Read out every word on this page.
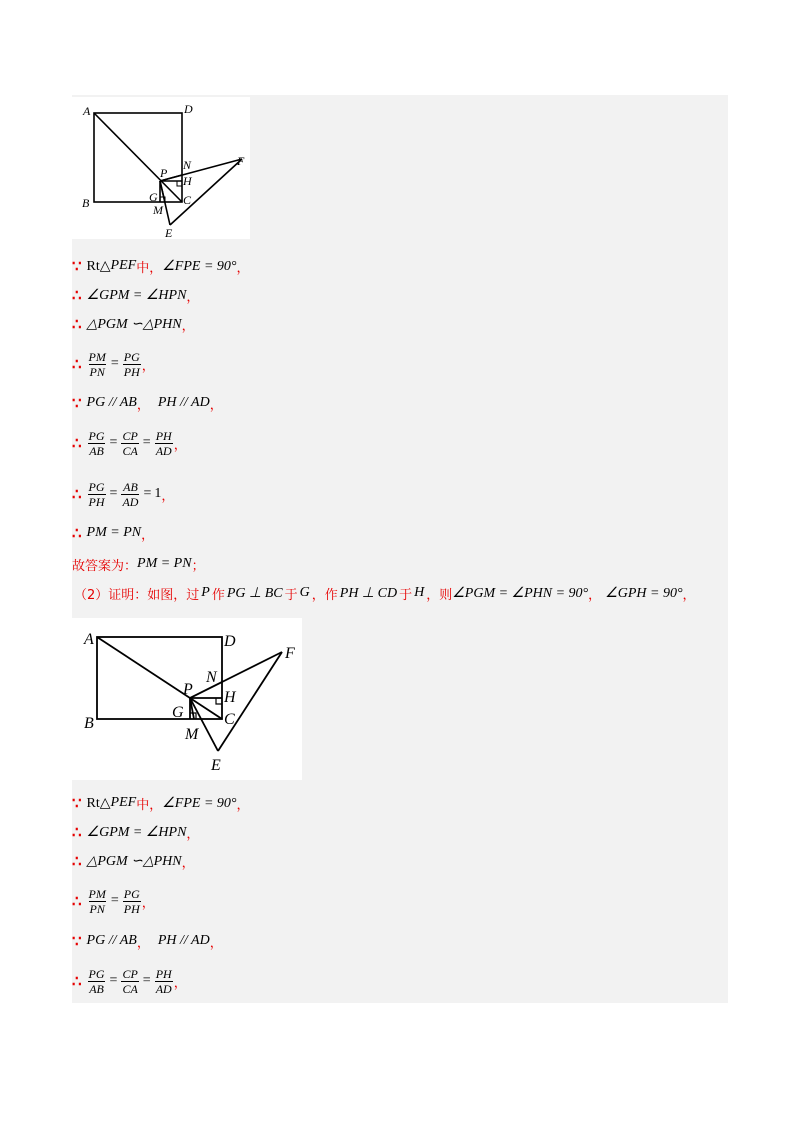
A	D
P
N
H
F
G C
B	M
E
∵ Rt△ PEF 中 ， ∠FPE = 90° ，
∴ ∠GPM = ∠HPN ，
∴ △PGM ∽△PHN ，
∴ $\frac{PM}{PN} = \frac{PG}{PH}$ ，
∵ PG // AB ， PH // AD ，
∴ $\frac{PG}{AB} = \frac{CP}{CA} = \frac{PH}{AD}$ ，
∴ $\frac{PG}{PH} = \frac{AB}{AD} = 1$ ，
∴ PM = PN ，
故答案为： PM = PN ；
（2）证明：如图，过 P 作 PG ⊥ BC 于 G ，作 PH ⊥ CD 于 H ，则 ∠PGM = ∠PHN = 90° ， ∠GPH = 90° ，
A	D
P
N
H
F
G	C
B
M
E
∵ Rt△ PEF 中 ， ∠FPE = 90° ，
∴ ∠GPM = ∠HPN ，
∴ △PGM ∽△PHN ，
∴ $\frac{PM}{PN} = \frac{PG}{PH}$ ，
∵ PG // AB ， PH // AD ，
∴ $\frac{PG}{AB} = \frac{CP}{CA} = \frac{PH}{AD}$ ，
